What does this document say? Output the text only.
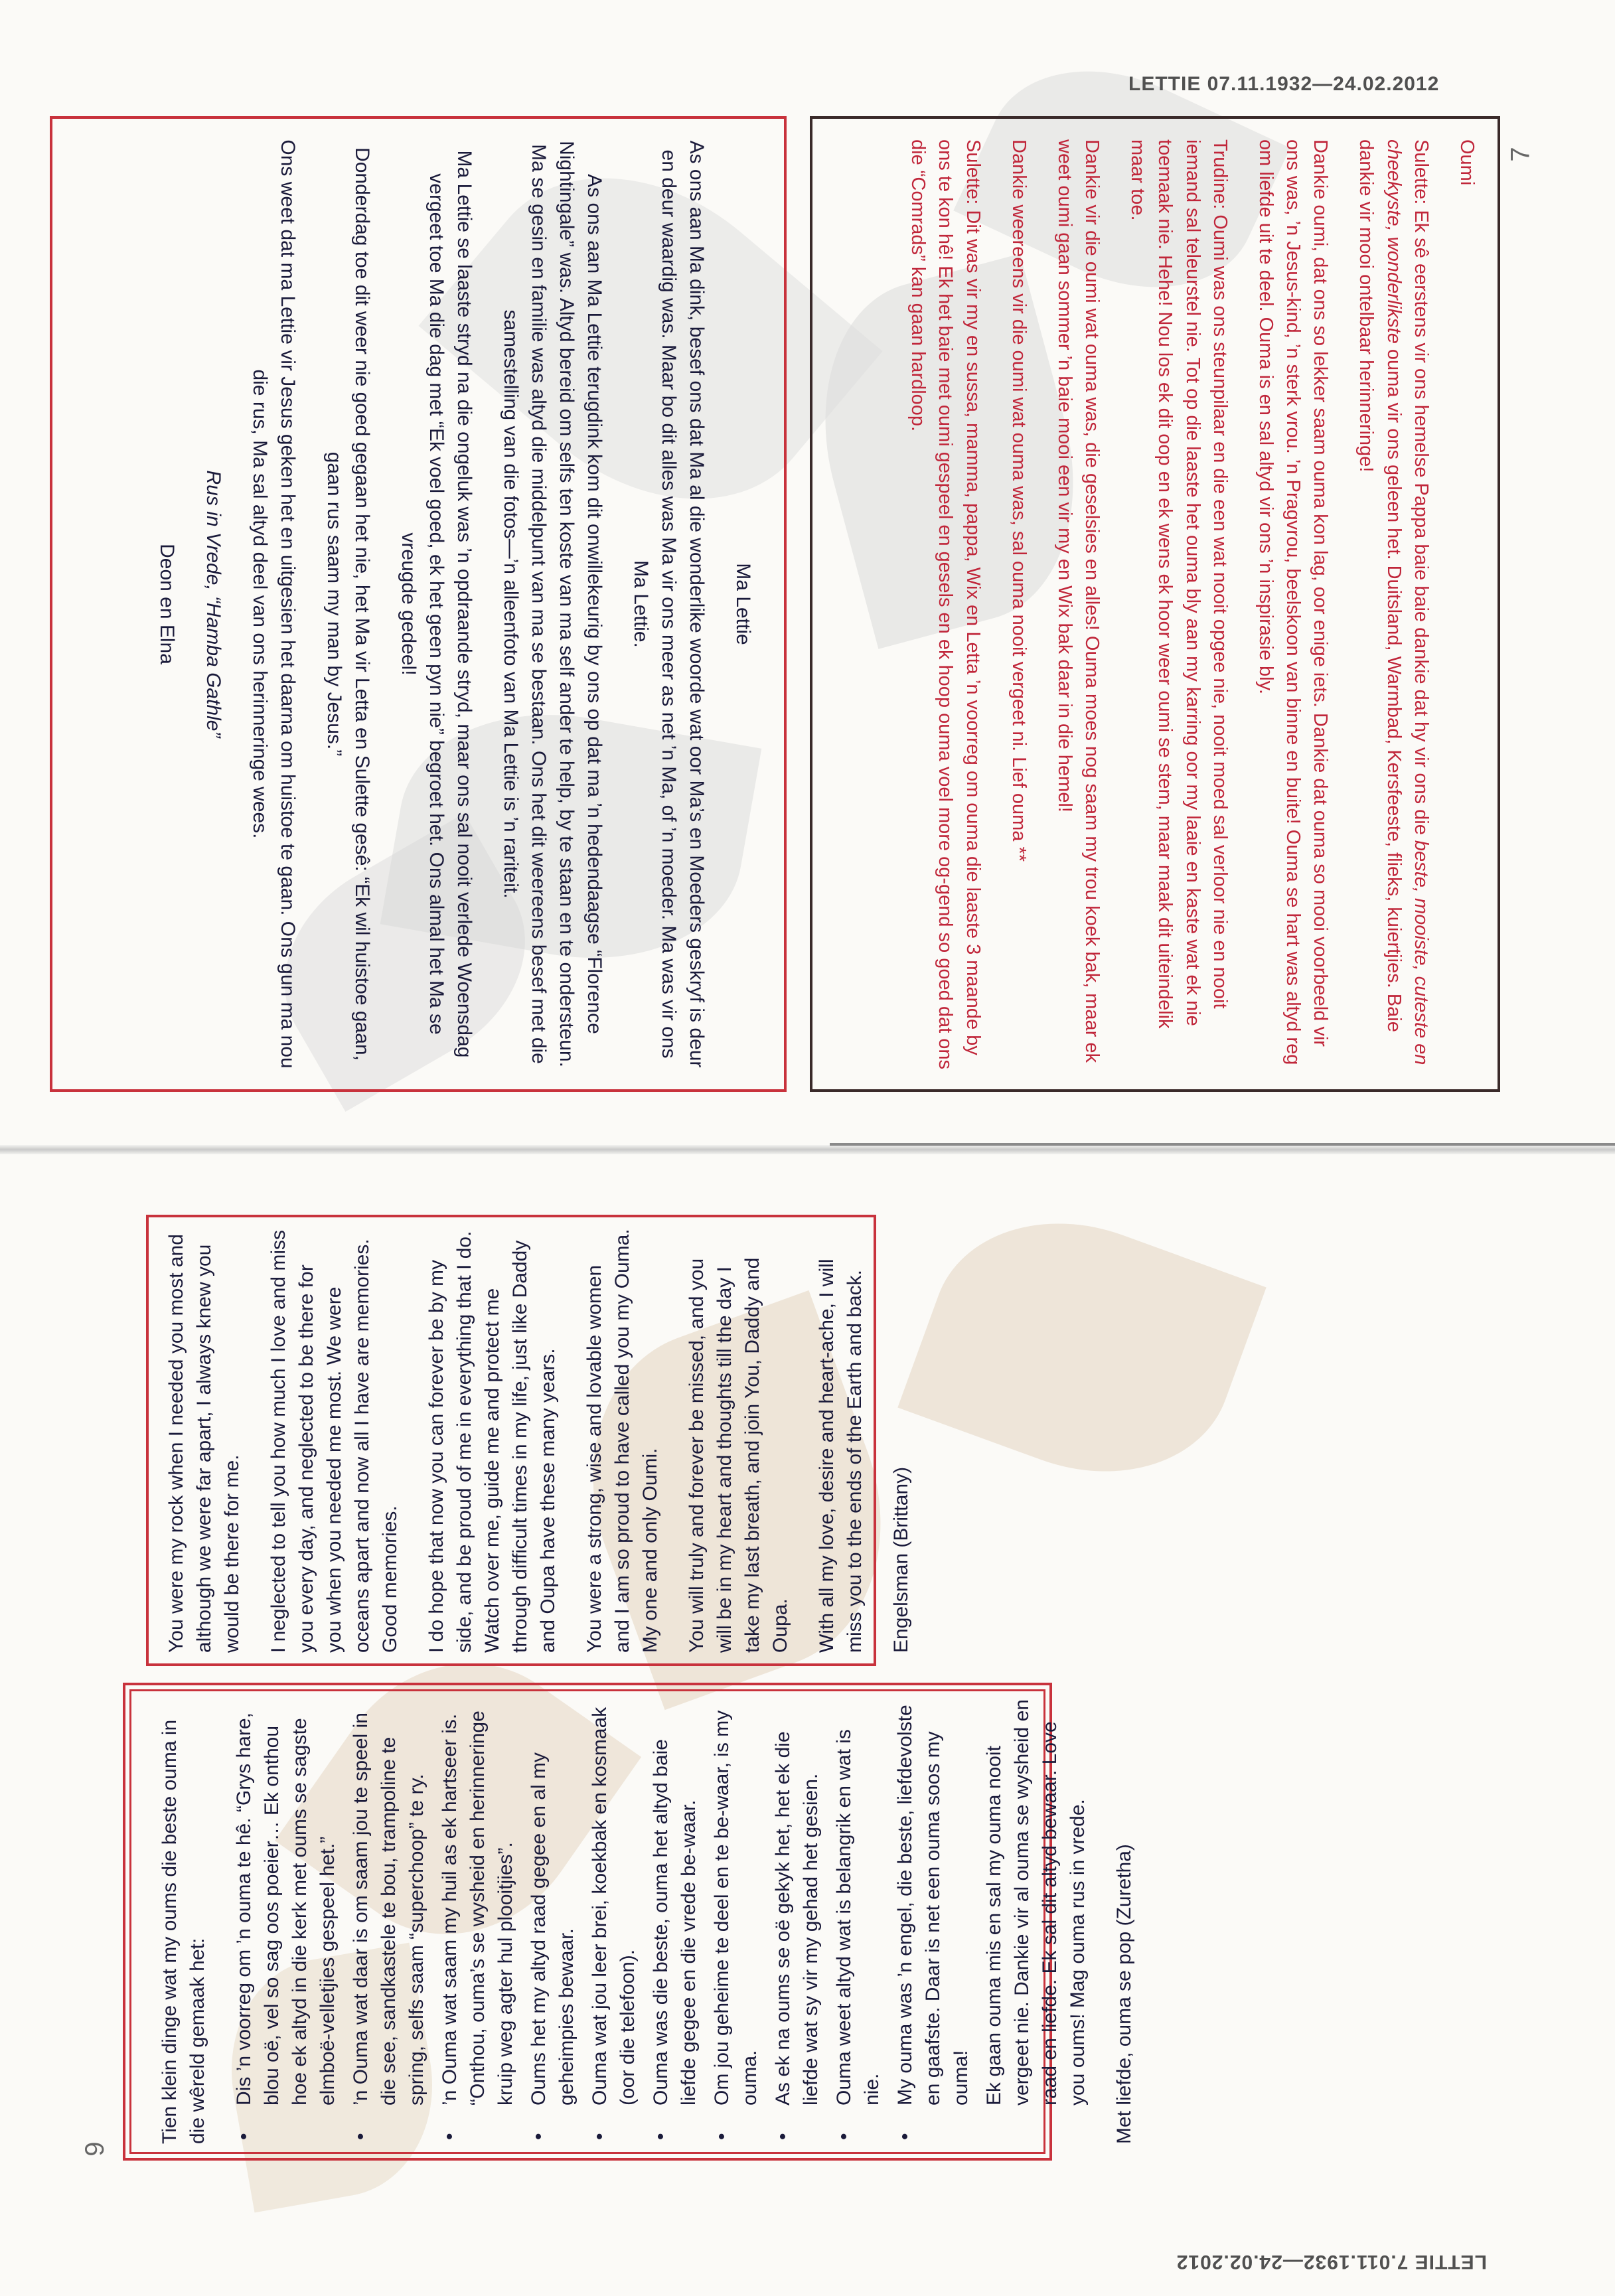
LETTIE 07.11.1932—24.02.2012
LETTIE 7.011.1932—24.02.2012
7
6

Ma Lettie

As ons aan Ma dink, besef ons dat Ma al die wonderlike woorde wat oor Ma’s en Moeders geskryf is deur en deur waardig was. Maar bo dit alles was Ma vir ons meer as net ’n Ma, of ’n moeder. Ma was vir ons Ma Lettie.

As ons aan Ma Lettie terugdink kom dit onwillekeurig by ons op dat ma ’n hedendaagse “Florence Nightingale” was. Altyd bereid om selfs ten koste van ma self ander te help, by te staan en te ondersteun. Ma se gesin en familie was altyd die middelpunt van ma se bestaan. Ons het dit weereens besef met die samestelling van die fotos—’n alleenfoto van Ma Lettie is ’n rariteit.

Ma Lettie se laaste stryd na die ongeluk was ’n opdraande stryd, maar ons sal nooit verlede Woensdag vergeet toe Ma die dag met “Ek voel goed, ek het geen pyn nie” begroet het. Ons almal het Ma se vreugde gedeel!

Donderdag toe dit weer nie goed gegaan het nie, het Ma vir Letta en Sulette gesê: “Ek wil huistoe gaan, gaan rus saam my man by Jesus.”

Ons weet dat ma Lettie vir Jesus geken het en uitgesien het daarna om huistoe te gaan. Ons gun ma nou die rus, Ma sal altyd deel van ons herinneringe wees.

Rus in Vrede, “Hamba Gathle”

Deon en Elna

Oumi

Sulette: Ek sê eerstens vir ons hemelse Pappa baie baie dankie dat hy vir ons die beste, mooiste, cuteste en cheekyste, wonderlikste ouma vir ons geleen het. Duitsland, Warmbad, Kersfeeste, flieks, kuiertjies. Baie dankie vir mooi ontelbaar herinneringe!

Dankie oumi, dat ons so lekker saam ouma kon lag, oor enige iets. Dankie dat ouma so mooi voorbeeld vir ons was, ’n Jesus-kind, ’n sterk vrou. ’n Pragvrou, beelskoon van binne en buite! Ouma se hart was altyd reg om liefde uit te deel. Ouma is en sal altyd vir ons ’n inspirasie bly.

Trudine: Oumi was ons steunpilaar en die een wat nooit opgee nie, nooit moed sal verloor nie en nooit iemand sal teleurstel nie. Tot op die laaste het ouma bly aan my karring oor my laaie en kaste wat ek nie toemaak nie. Hehe! Nou los ek dit oop en ek wens ek hoor weer oumi se stem, maar maak dit uiteindelik maar toe.

Dankie vir die oumi wat ouma was, die geselsies en alles! Ouma moes nog saam my trou koek bak, maar ek weet oumi gaan sommer ’n baie mooi een vir my en Wix bak daar in die hemel!

Dankie weereens vir die oumi wat ouma was, sal ouma nooit vergeet ni. Lief ouma **

Sulette: Dit was vir my en sussa, mamma, pappa, Wix en Letta ’n voorreg om ouma die laaste 3 maande by ons te kon hê! Ek het baie met oumi gespeel en gesels en ek hoop ouma voel more og-gend so goed dat ons die “Comrads” kan gaan hardloop.

Tien klein dinge wat my oums die beste ouma in die wêreld gemaak het: • Dis ’n voorreg om ’n ouma te hê. “Grys hare, blou oë, vel so sag oos poeier… Ek onthou hoe ek altyd in die kerk met oums se sagste elmboë-velletjies gespeel het.” • ’n Ouma wat daar is om saam jou te speel in die see, sandkastele te bou, trampoline te spring, selfs saam “superchoop” te ry. • ’n Ouma wat saam my huil as ek hartseer is. “Onthou, ouma’s se wysheid en herinneringe kruip weg agter hul plooitjies”. • Oums het my altyd raad gegee en al my geheimpies bewaar. • Ouma wat jou leer brei, koekbak en kosmaak (oor die telefoon). • Ouma was die beste, ouma het altyd baie liefde gegee en die vrede be-waar. • Om jou geheime te deel en te be-waar, is my ouma. • As ek na oums se oë gekyk het, het ek die liefde wat sy vir my gehad het gesien. • Ouma weet altyd wat is belangrik en wat is nie. • My ouma was ’n engel, die beste, liefdevolste en gaafste. Daar is net een ouma soos my ouma! Ek gaan ouma mis en sal my ouma nooit vergeet nie. Dankie vir al ouma se wysheid en raad en liefde. Ek sal dit altyd bewaar. Love you oums! Mag ouma rus in vrede. Met liefde, ouma se pop (Zuretha)

You were my rock when I needed you most and although we were far apart, I always knew you would be there for me. I neglected to tell you how much I love and miss you every day, and neglected to be there for you when you needed me most. We were oceans apart and now all I have are memories. Good memories. I do hope that now you can forever be by my side, and be proud of me in everything that I do. Watch over me, guide me and protect me through difficult times in my life, just like Daddy and Oupa have these many years. You were a strong, wise and lovable women and I am so proud to have called you my Ouma. My one and only Oumi. You will truly and forever be missed, and you will be in my heart and thoughts till the day I take my last breath, and join You, Daddy and Oupa. With all my love, desire and heart-ache, I will miss you to the ends of the Earth and back. Engelsman (Brittany)
